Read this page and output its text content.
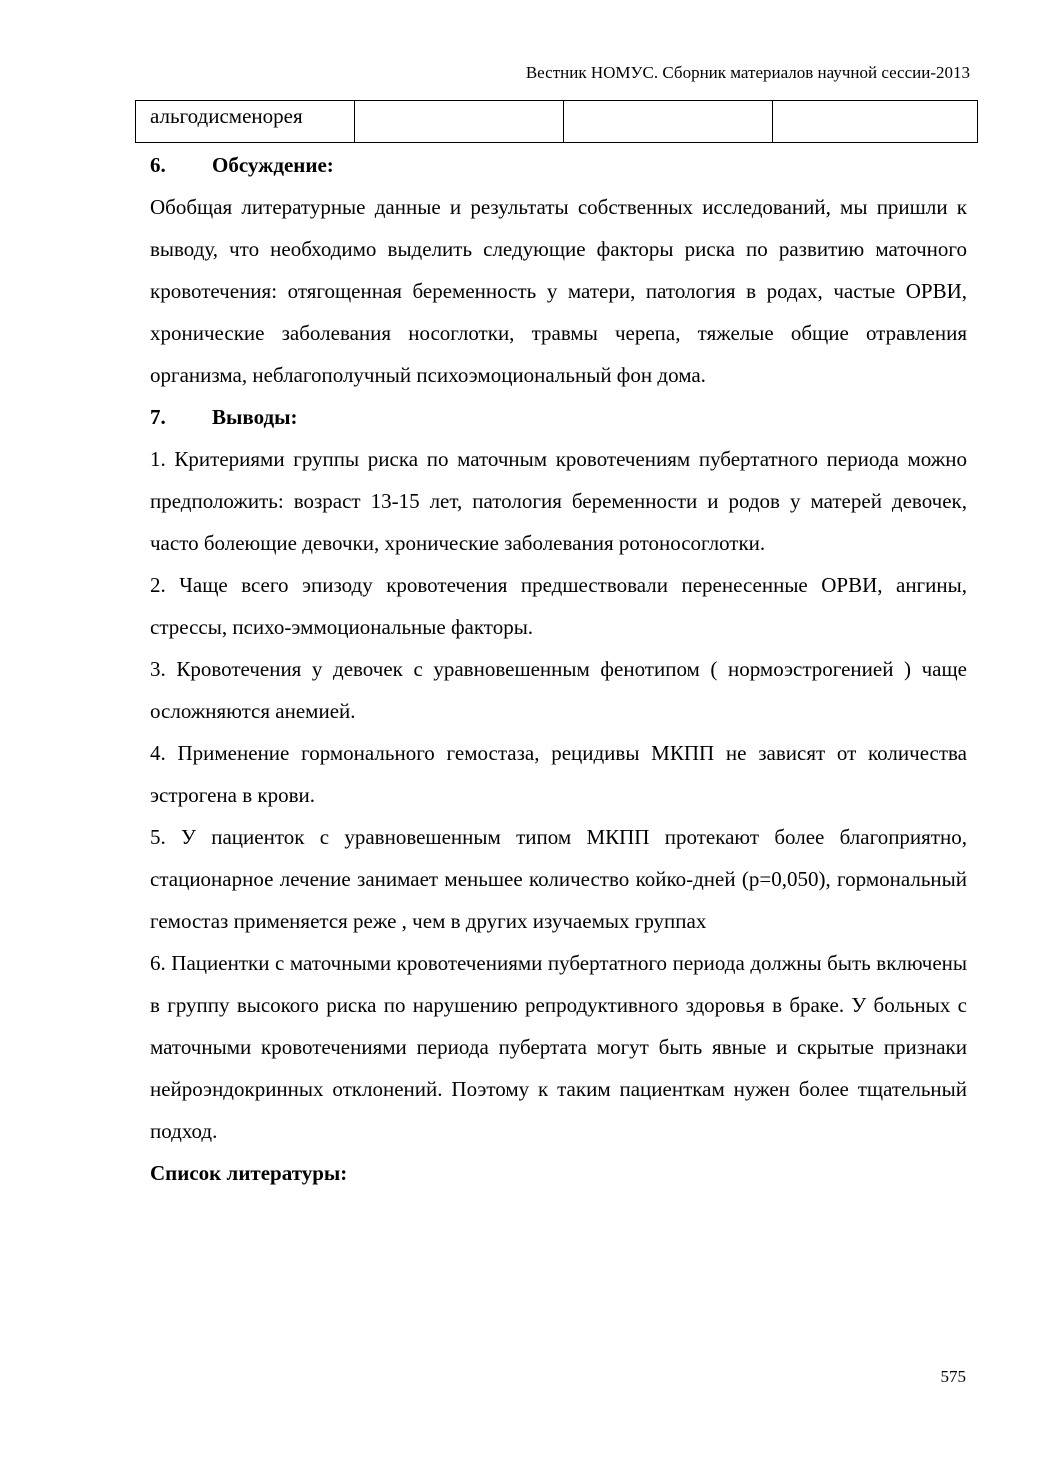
Вестник НОМУС. Сборник материалов научной сессии-2013
альгодисменорея			

6. Обсуждение:

Обобщая литературные данные и результаты собственных исследований, мы пришли к выводу, что необходимо выделить следующие факторы риска по развитию маточного кровотечения: отягощенная беременность у матери, патология в родах, частые ОРВИ, хронические заболевания носоглотки, травмы черепа, тяжелые общие отравления организма, неблагополучный психоэмоциональный фон дома.

7. Выводы:

1. Критериями группы риска по маточным кровотечениям пубертатного периода можно предположить: возраст 13-15 лет, патология беременности и родов у матерей девочек, часто болеющие девочки, хронические заболевания ротоносоглотки.

2. Чаще всего эпизоду кровотечения предшествовали перенесенные ОРВИ, ангины, стрессы, психо-эммоциональные факторы.

3. Кровотечения у девочек с уравновешенным фенотипом ( нормоэстрогенией ) чаще осложняются анемией.

4. Применение гормонального гемостаза, рецидивы МКПП не зависят от количества эстрогена в крови.

5. У пациенток с уравновешенным типом МКПП протекают более благоприятно, стационарное лечение занимает меньшее количество койко-дней (p=0,050), гормональный гемостаз применяется реже , чем в других изучаемых группах

6. Пациентки с маточными кровотечениями пубертатного периода должны быть включены в группу высокого риска по нарушению репродуктивного здоровья в браке. У больных с маточными кровотечениями периода пубертата могут быть явные и скрытые признаки нейроэндокринных отклонений. Поэтому к таким пациенткам нужен более тщательный подход.

Список литературы:

575
